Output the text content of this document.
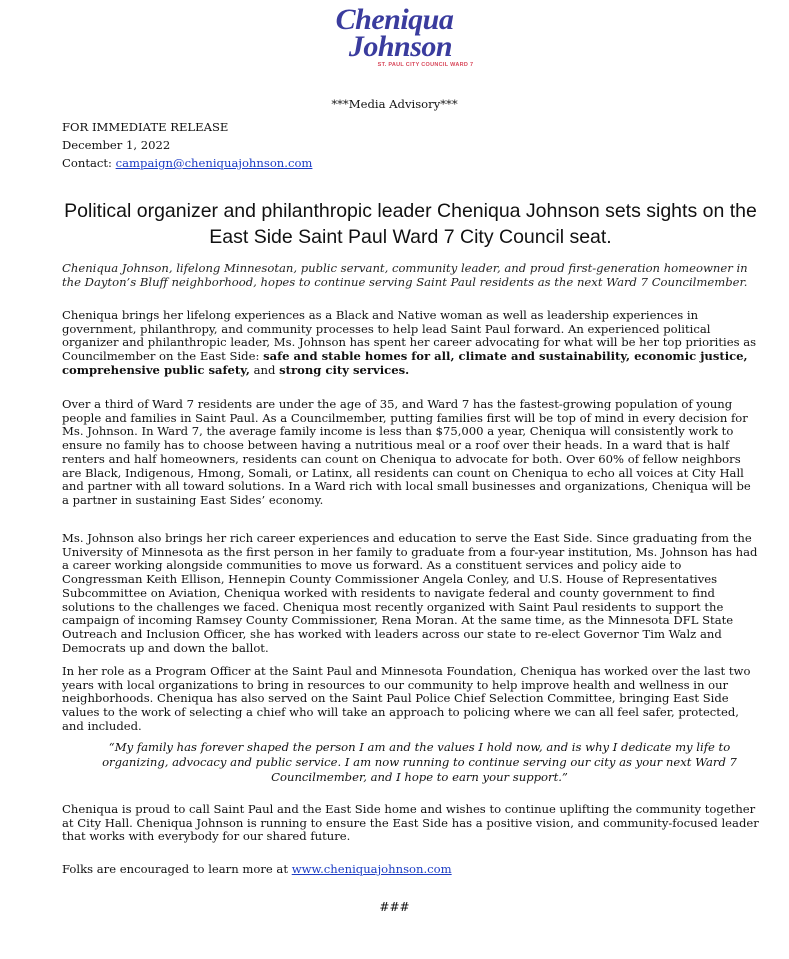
Cheniqua
Johnson
ST. PAUL CITY COUNCIL WARD 7
***Media Advisory***
FOR IMMEDIATE RELEASE
December 1, 2022
Contact: campaign@cheniquajohnson.com
Political organizer and philanthropic leader Cheniqua Johnson sets sights on the East Side Saint Paul Ward 7 City Council seat.
Cheniqua Johnson, lifelong Minnesotan, public servant, community leader, and proud first-generation homeowner in the Dayton’s Bluff neighborhood, hopes to continue serving Saint Paul residents as the next Ward 7 Councilmember.
Cheniqua brings her lifelong experiences as a Black and Native woman as well as leadership experiences in government, philanthropy, and community processes to help lead Saint Paul forward. An experienced political organizer and philanthropic leader, Ms. Johnson has spent her career advocating for what will be her top priorities as Councilmember on the East Side: safe and stable homes for all, climate and sustainability, economic justice, comprehensive public safety, and strong city services.
Over a third of Ward 7 residents are under the age of 35, and Ward 7 has the fastest-growing population of young people and families in Saint Paul. As a Councilmember, putting families first will be top of mind in every decision for Ms. Johnson. In Ward 7, the average family income is less than $75,000 a year, Cheniqua will consistently work to ensure no family has to choose between having a nutritious meal or a roof over their heads. In a ward that is half renters and half homeowners, residents can count on Cheniqua to advocate for both. Over 60% of fellow neighbors are Black, Indigenous, Hmong, Somali, or Latinx, all residents can count on Cheniqua to echo all voices at City Hall and partner with all toward solutions. In a Ward rich with local small businesses and organizations, Cheniqua will be a partner in sustaining East Sides’ economy.
Ms. Johnson also brings her rich career experiences and education to serve the East Side. Since graduating from the University of Minnesota as the first person in her family to graduate from a four-year institution, Ms. Johnson has had a career working alongside communities to move us forward. As a constituent services and policy aide to Congressman Keith Ellison, Hennepin County Commissioner Angela Conley, and U.S. House of Representatives Subcommittee on Aviation, Cheniqua worked with residents to navigate federal and county government to find solutions to the challenges we faced. Cheniqua most recently organized with Saint Paul residents to support the campaign of incoming Ramsey County Commissioner, Rena Moran. At the same time, as the Minnesota DFL State Outreach and Inclusion Officer, she has worked with leaders across our state to re-elect Governor Tim Walz and Democrats up and down the ballot.
In her role as a Program Officer at the Saint Paul and Minnesota Foundation, Cheniqua has worked over the last two years with local organizations to bring in resources to our community to help improve health and wellness in our neighborhoods. Cheniqua has also served on the Saint Paul Police Chief Selection Committee, bringing East Side values to the work of selecting a chief who will take an approach to policing where we can all feel safer, protected, and included.
“My family has forever shaped the person I am and the values I hold now, and is why I dedicate my life to organizing, advocacy and public service. I am now running to continue serving our city as your next Ward 7 Councilmember, and I hope to earn your support.”
Cheniqua is proud to call Saint Paul and the East Side home and wishes to continue uplifting the community together at City Hall. Cheniqua Johnson is running to ensure the East Side has a positive vision, and community-focused leader that works with everybody for our shared future.
Folks are encouraged to learn more at www.cheniquajohnson.com
###
